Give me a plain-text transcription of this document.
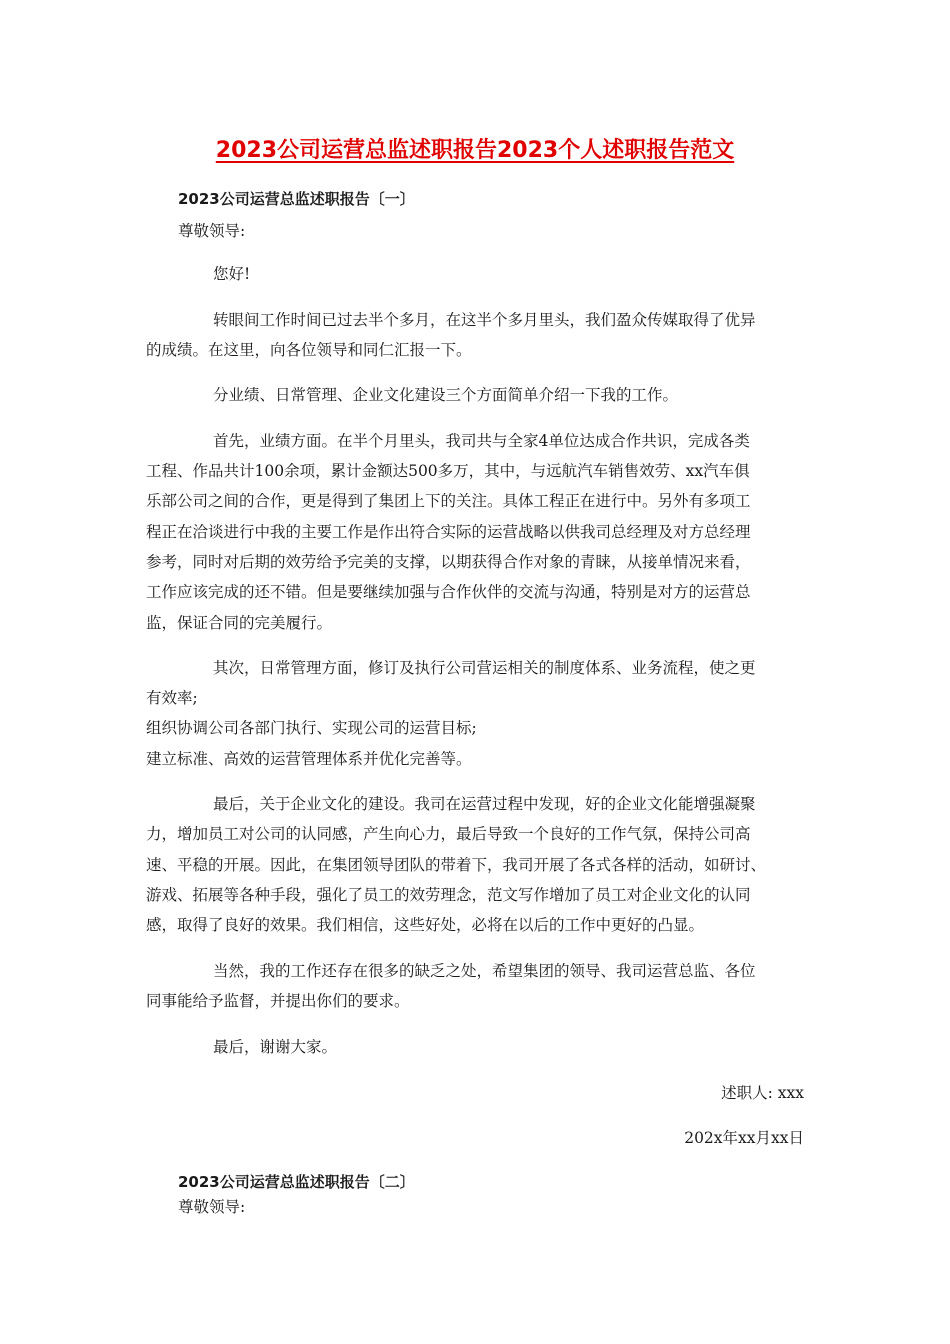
2023公司运营总监述职报告2023个人述职报告范文
2023公司运营总监述职报告〔一〕
尊敬领导:
您好!
转眼间工作时间已过去半个多月，在这半个多月里头，我们盈众传媒取得了优异
的成绩。在这里，向各位领导和同仁汇报一下。
分业绩、日常管理、企业文化建设三个方面简单介绍一下我的工作。
首先，业绩方面。在半个月里头，我司共与全家4单位达成合作共识，完成各类
工程、作品共计100余项，累计金额达500多万，其中，与远航汽车销售效劳、xx汽车俱
乐部公司之间的合作，更是得到了集团上下的关注。具体工程正在进行中。另外有多项工
程正在洽谈进行中我的主要工作是作出符合实际的运营战略以供我司总经理及对方总经理
参考，同时对后期的效劳给予完美的支撑，以期获得合作对象的青睐，从接单情况来看，
工作应该完成的还不错。但是要继续加强与合作伙伴的交流与沟通，特别是对方的运营总
监，保证合同的完美履行。
其次，日常管理方面，修订及执行公司营运相关的制度体系、业务流程，使之更
有效率;
组织协调公司各部门执行、实现公司的运营目标;
建立标准、高效的运营管理体系并优化完善等。
最后，关于企业文化的建设。我司在运营过程中发现，好的企业文化能增强凝聚
力，增加员工对公司的认同感，产生向心力，最后导致一个良好的工作气氛，保持公司高
速、平稳的开展。因此，在集团领导团队的带着下，我司开展了各式各样的活动，如研讨、
游戏、拓展等各种手段，强化了员工的效劳理念，范文写作增加了员工对企业文化的认同
感，取得了良好的效果。我们相信，这些好处，必将在以后的工作中更好的凸显。
当然，我的工作还存在很多的缺乏之处，希望集团的领导、我司运营总监、各位
同事能给予监督，并提出你们的要求。
最后，谢谢大家。
述职人: xxx
202x年xx月xx日
2023公司运营总监述职报告〔二〕
尊敬领导:
